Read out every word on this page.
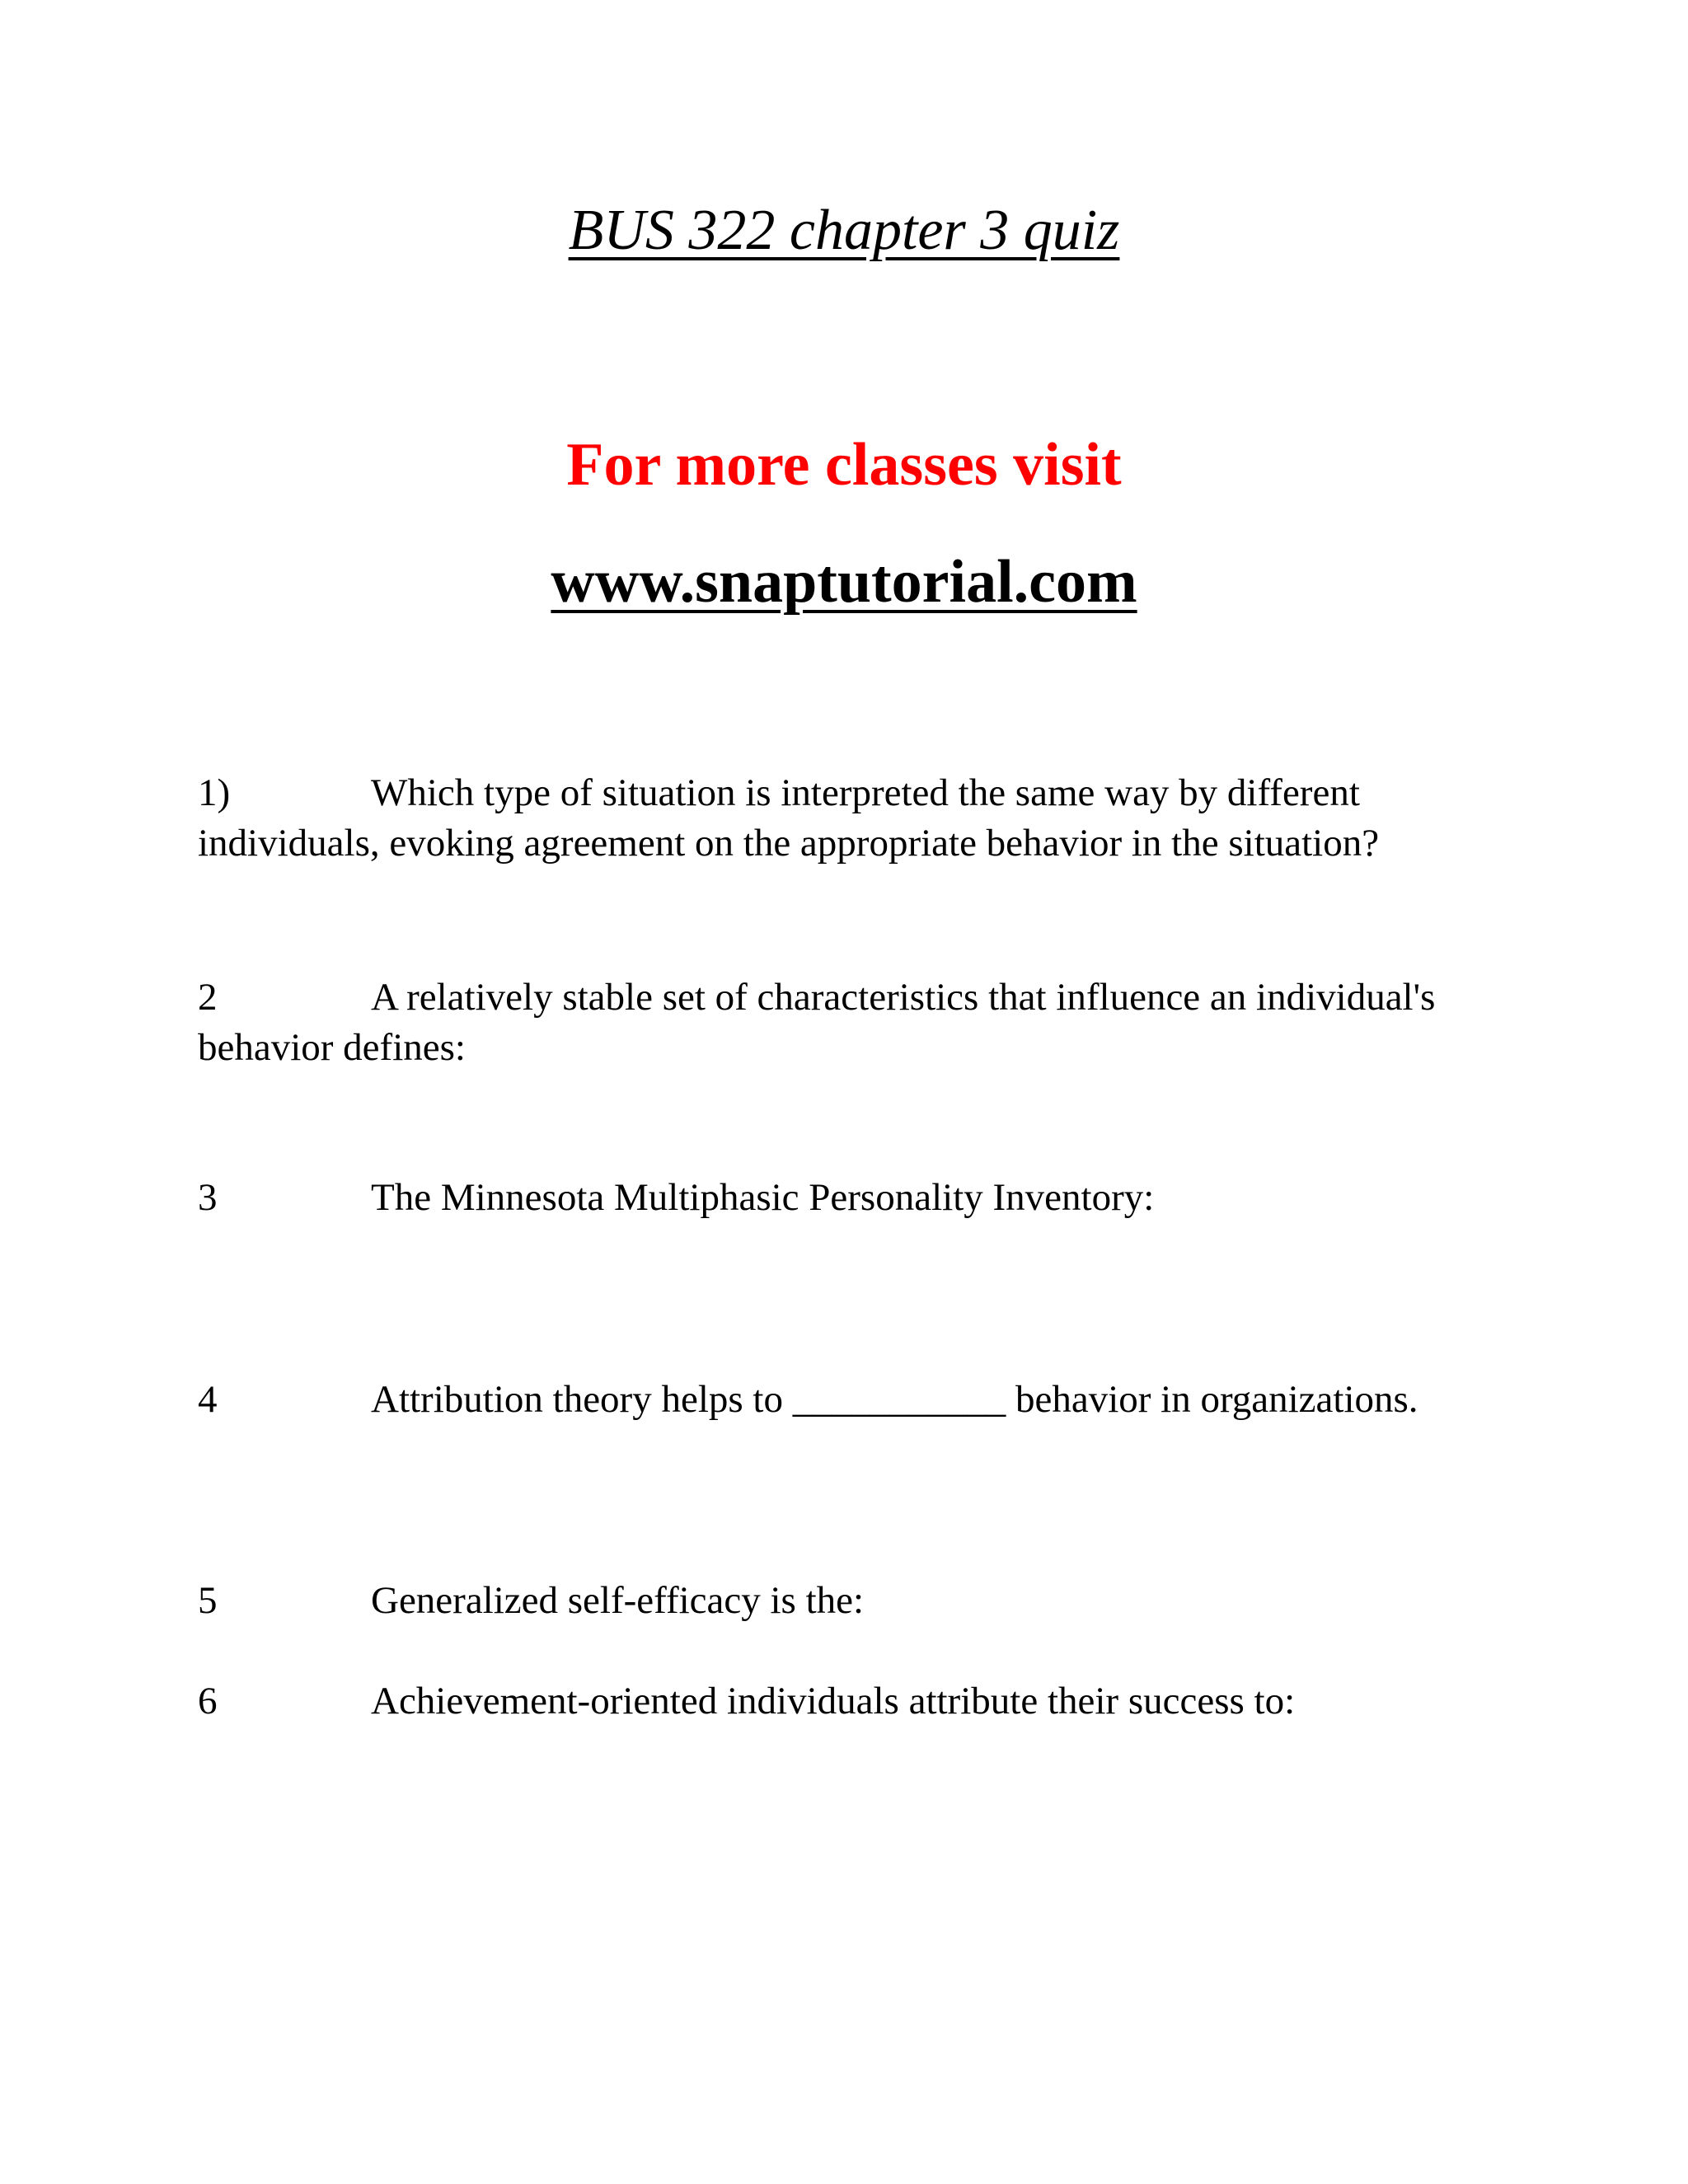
BUS 322 chapter 3 quiz
For more classes visit
www.snaptutorial.com
1)	Which type of situation is interpreted the same way by different individuals, evoking agreement on the appropriate behavior in the situation?
2	A relatively stable set of characteristics that influence an individual's behavior defines:
3	The Minnesota Multiphasic Personality Inventory:
4	Attribution theory helps to ___________ behavior in organizations.
5	Generalized self-efficacy is the:
6	Achievement-oriented individuals attribute their success to:
